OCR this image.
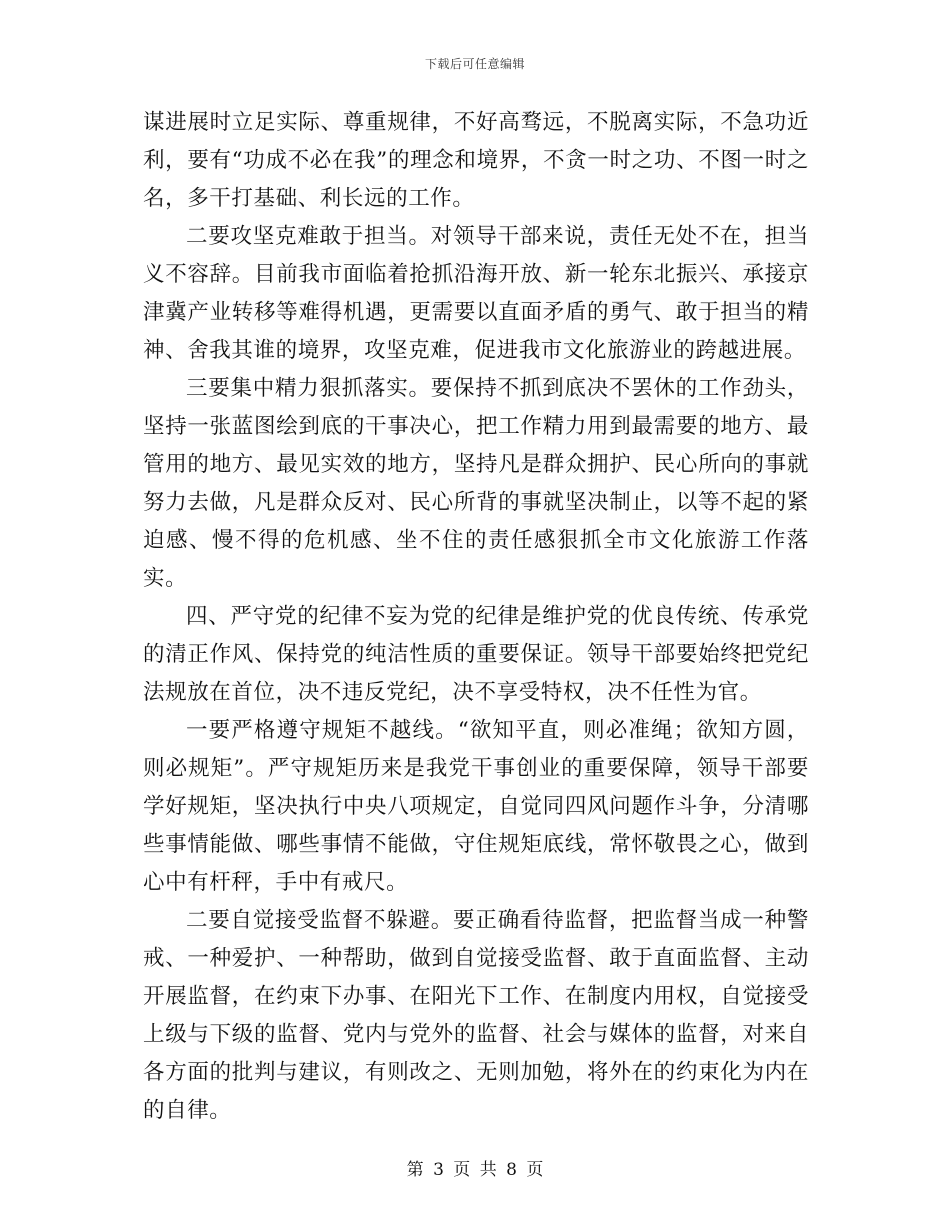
下载后可任意编辑

谋进展时立足实际、尊重规律，不好高骛远，不脱离实际，不急功近利，要有“功成不必在我”的理念和境界，不贪一时之功、不图一时之名，多干打基础、利长远的工作。

二要攻坚克难敢于担当。对领导干部来说，责任无处不在，担当义不容辞。目前我市面临着抢抓沿海开放、新一轮东北振兴、承接京津冀产业转移等难得机遇，更需要以直面矛盾的勇气、敢于担当的精神、舍我其谁的境界，攻坚克难，促进我市文化旅游业的跨越进展。

三要集中精力狠抓落实。要保持不抓到底决不罢休的工作劲头，坚持一张蓝图绘到底的干事决心，把工作精力用到最需要的地方、最管用的地方、最见实效的地方，坚持凡是群众拥护、民心所向的事就努力去做，凡是群众反对、民心所背的事就坚决制止，以等不起的紧迫感、慢不得的危机感、坐不住的责任感狠抓全市文化旅游工作落实。

四、严守党的纪律不妄为党的纪律是维护党的优良传统、传承党的清正作风、保持党的纯洁性质的重要保证。领导干部要始终把党纪法规放在首位，决不违反党纪，决不享受特权，决不任性为官。

一要严格遵守规矩不越线。“欲知平直，则必准绳；欲知方圆，则必规矩”。严守规矩历来是我党干事创业的重要保障，领导干部要学好规矩，坚决执行中央八项规定，自觉同四风问题作斗争，分清哪些事情能做、哪些事情不能做，守住规矩底线，常怀敬畏之心，做到心中有杆秤，手中有戒尺。

二要自觉接受监督不躲避。要正确看待监督，把监督当成一种警戒、一种爱护、一种帮助，做到自觉接受监督、敢于直面监督、主动开展监督，在约束下办事、在阳光下工作、在制度内用权，自觉接受上级与下级的监督、党内与党外的监督、社会与媒体的监督，对来自各方面的批判与建议，有则改之、无则加勉，将外在的约束化为内在的自律。

第 3 页 共 8 页
